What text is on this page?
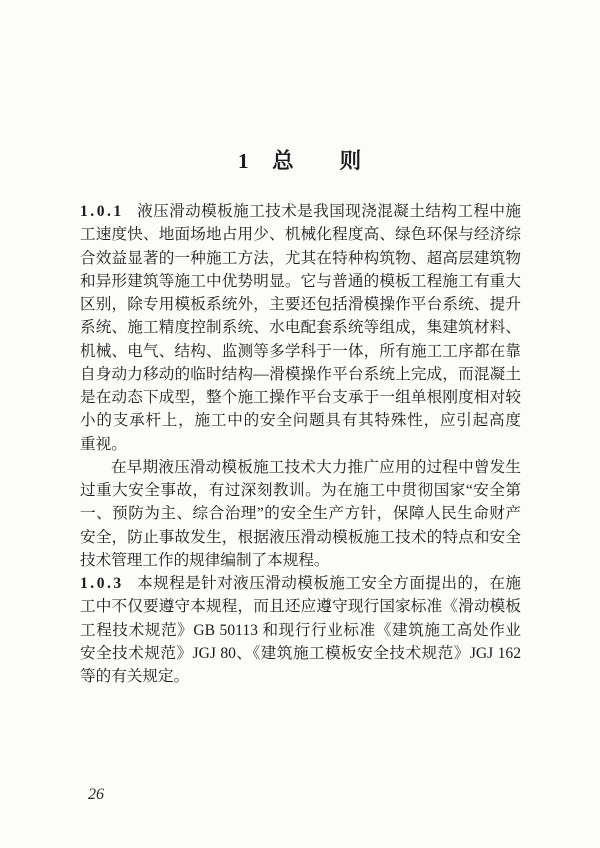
1　总　　则
1.0.1 液压滑动模板施工技术是我国现浇混凝土结构工程中施
工速度快、地面场地占用少、机械化程度高、绿色环保与经济综
合效益显著的一种施工方法，尤其在特种构筑物、超高层建筑物
和异形建筑等施工中优势明显。它与普通的模板工程施工有重大
区别，除专用模板系统外，主要还包括滑模操作平台系统、提升
系统、施工精度控制系统、水电配套系统等组成，集建筑材料、
机械、电气、结构、监测等多学科于一体，所有施工工序都在靠
自身动力移动的临时结构—滑模操作平台系统上完成，而混凝土
是在动态下成型，整个施工操作平台支承于一组单根刚度相对较
小的支承杆上，施工中的安全问题具有其特殊性，应引起高度
重视。
在早期液压滑动模板施工技术大力推广应用的过程中曾发生
过重大安全事故，有过深刻教训。为在施工中贯彻国家“安全第
一、预防为主、综合治理”的安全生产方针，保障人民生命财产
安全，防止事故发生，根据液压滑动模板施工技术的特点和安全
技术管理工作的规律编制了本规程。
1.0.3 本规程是针对液压滑动模板施工安全方面提出的，在施
工中不仅要遵守本规程，而且还应遵守现行国家标准《滑动模板
工程技术规范》GB 50113 和现行行业标准《建筑施工高处作业
安全技术规范》JGJ 80、《建筑施工模板安全技术规范》JGJ 162
等的有关规定。
26
